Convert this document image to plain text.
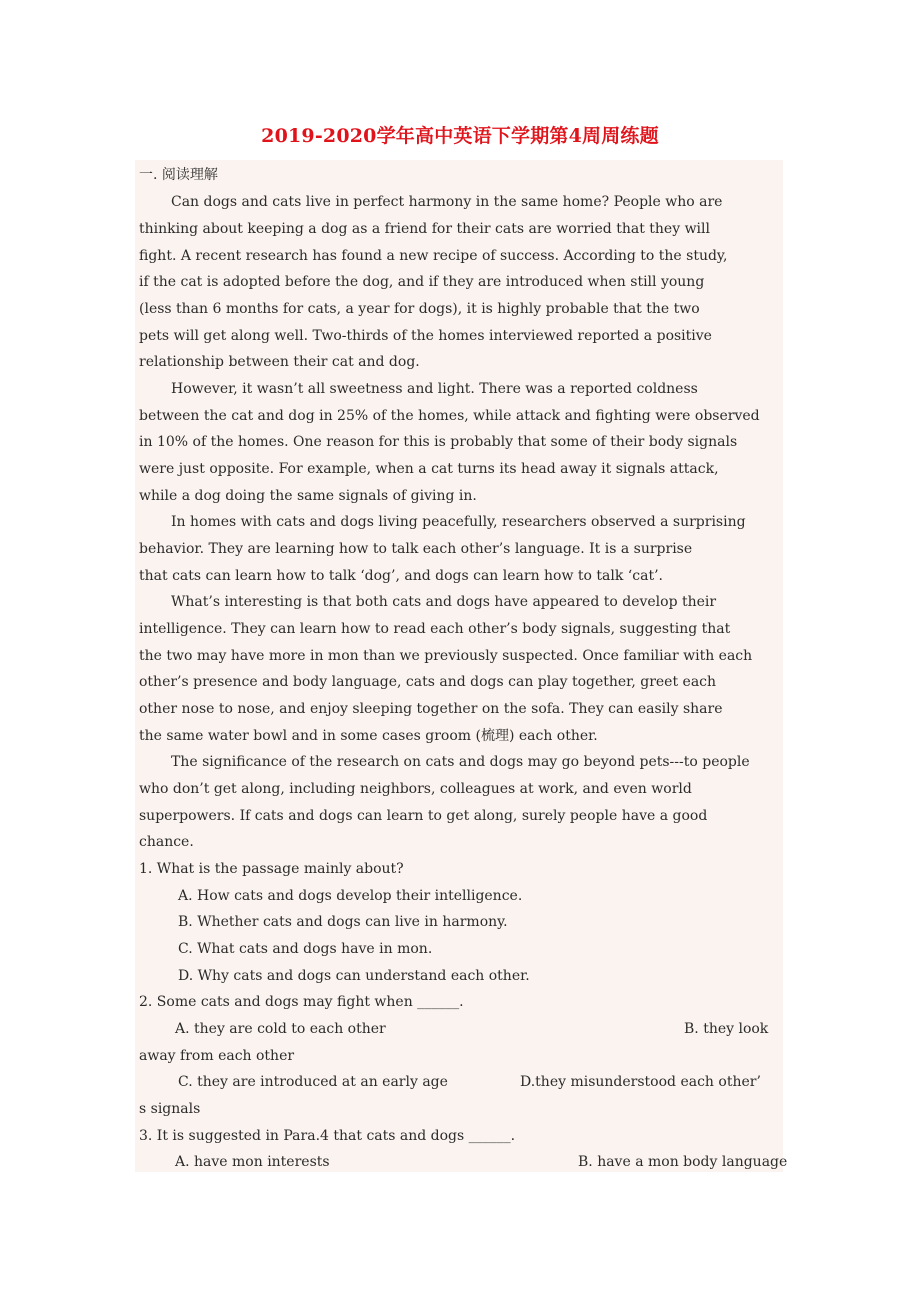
2019-2020学年高中英语下学期第4周周练题
一. 阅读理解
Can dogs and cats live in perfect harmony in the same home? People who are
thinking about keeping a dog as a friend for their cats are worried that they will
fight. A recent research has found a new recipe of success. According to the study,
if the cat is adopted before the dog, and if they are introduced when still young
(less than 6 months for cats, a year for dogs), it is highly probable that the two
pets will get along well. Two-thirds of the homes interviewed reported a positive
relationship between their cat and dog.
However, it wasn’t all sweetness and light. There was a reported coldness
between the cat and dog in 25% of the homes, while attack and fighting were observed
in 10% of the homes. One reason for this is probably that some of their body signals
were just opposite. For example, when a cat turns its head away it signals attack,
while a dog doing the same signals of giving in.
In homes with cats and dogs living peacefully, researchers observed a surprising
behavior. They are learning how to talk each other’s language. It is a surprise
that cats can learn how to talk ‘dog’, and dogs can learn how to talk ‘cat’.
What’s interesting is that both cats and dogs have appeared to develop their
intelligence. They can learn how to read each other’s body signals, suggesting that
the two may have more in mon than we previously suspected. Once familiar with each
other’s presence and body language, cats and dogs can play together, greet each
other nose to nose, and enjoy sleeping together on the sofa. They can easily share
the same water bowl and in some cases groom (梳理) each other.
The significance of the research on cats and dogs may go beyond pets---to people
who don’t get along, including neighbors, colleagues at work, and even world
superpowers. If cats and dogs can learn to get along, surely people have a good
chance.
1. What is the passage mainly about?
A. How cats and dogs develop their intelligence.
B. Whether cats and dogs can live in harmony.
C. What cats and dogs have in mon.
D. Why cats and dogs can understand each other.
2. Some cats and dogs may fight when ______.
A. they are cold to each other	B. they look
away from each other
C. they are introduced at an early age	D.they misunderstood each other’
s signals
3. It is suggested in Para.4 that cats and dogs ______.
A. have mon interests	B. have a mon body language
